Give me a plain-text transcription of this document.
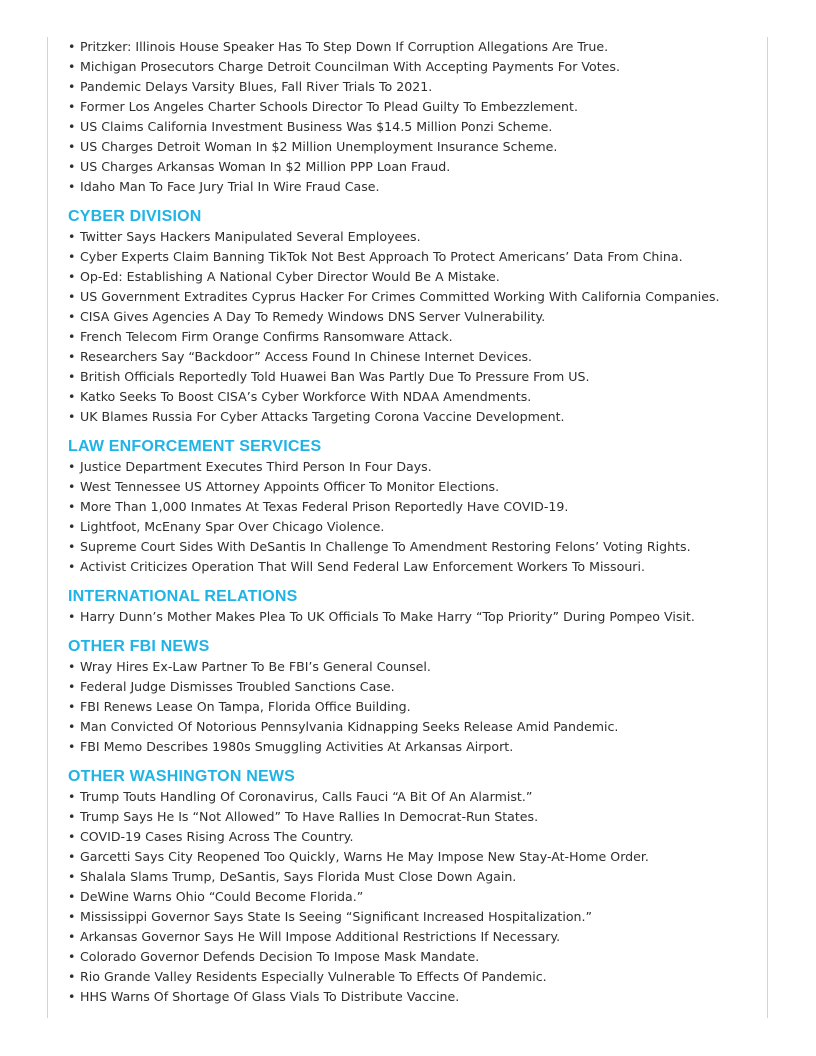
• Pritzker: Illinois House Speaker Has To Step Down If Corruption Allegations Are True.
• Michigan Prosecutors Charge Detroit Councilman With Accepting Payments For Votes.
• Pandemic Delays Varsity Blues, Fall River Trials To 2021.
• Former Los Angeles Charter Schools Director To Plead Guilty To Embezzlement.
• US Claims California Investment Business Was $14.5 Million Ponzi Scheme.
• US Charges Detroit Woman In $2 Million Unemployment Insurance Scheme.
• US Charges Arkansas Woman In $2 Million PPP Loan Fraud.
• Idaho Man To Face Jury Trial In Wire Fraud Case.
CYBER DIVISION
• Twitter Says Hackers Manipulated Several Employees.
• Cyber Experts Claim Banning TikTok Not Best Approach To Protect Americans’ Data From China.
• Op-Ed: Establishing A National Cyber Director Would Be A Mistake.
• US Government Extradites Cyprus Hacker For Crimes Committed Working With California Companies.
• CISA Gives Agencies A Day To Remedy Windows DNS Server Vulnerability.
• French Telecom Firm Orange Confirms Ransomware Attack.
• Researchers Say “Backdoor” Access Found In Chinese Internet Devices.
• British Officials Reportedly Told Huawei Ban Was Partly Due To Pressure From US.
• Katko Seeks To Boost CISA’s Cyber Workforce With NDAA Amendments.
• UK Blames Russia For Cyber Attacks Targeting Corona Vaccine Development.
LAW ENFORCEMENT SERVICES
• Justice Department Executes Third Person In Four Days.
• West Tennessee US Attorney Appoints Officer To Monitor Elections.
• More Than 1,000 Inmates At Texas Federal Prison Reportedly Have COVID-19.
• Lightfoot, McEnany Spar Over Chicago Violence.
• Supreme Court Sides With DeSantis In Challenge To Amendment Restoring Felons’ Voting Rights.
• Activist Criticizes Operation That Will Send Federal Law Enforcement Workers To Missouri.
INTERNATIONAL RELATIONS
• Harry Dunn’s Mother Makes Plea To UK Officials To Make Harry “Top Priority” During Pompeo Visit.
OTHER FBI NEWS
• Wray Hires Ex-Law Partner To Be FBI’s General Counsel.
• Federal Judge Dismisses Troubled Sanctions Case.
• FBI Renews Lease On Tampa, Florida Office Building.
• Man Convicted Of Notorious Pennsylvania Kidnapping Seeks Release Amid Pandemic.
• FBI Memo Describes 1980s Smuggling Activities At Arkansas Airport.
OTHER WASHINGTON NEWS
• Trump Touts Handling Of Coronavirus, Calls Fauci “A Bit Of An Alarmist.”
• Trump Says He Is “Not Allowed” To Have Rallies In Democrat-Run States.
• COVID-19 Cases Rising Across The Country.
• Garcetti Says City Reopened Too Quickly, Warns He May Impose New Stay-At-Home Order.
• Shalala Slams Trump, DeSantis, Says Florida Must Close Down Again.
• DeWine Warns Ohio “Could Become Florida.”
• Mississippi Governor Says State Is Seeing “Significant Increased Hospitalization.”
• Arkansas Governor Says He Will Impose Additional Restrictions If Necessary.
• Colorado Governor Defends Decision To Impose Mask Mandate.
• Rio Grande Valley Residents Especially Vulnerable To Effects Of Pandemic.
• HHS Warns Of Shortage Of Glass Vials To Distribute Vaccine.
